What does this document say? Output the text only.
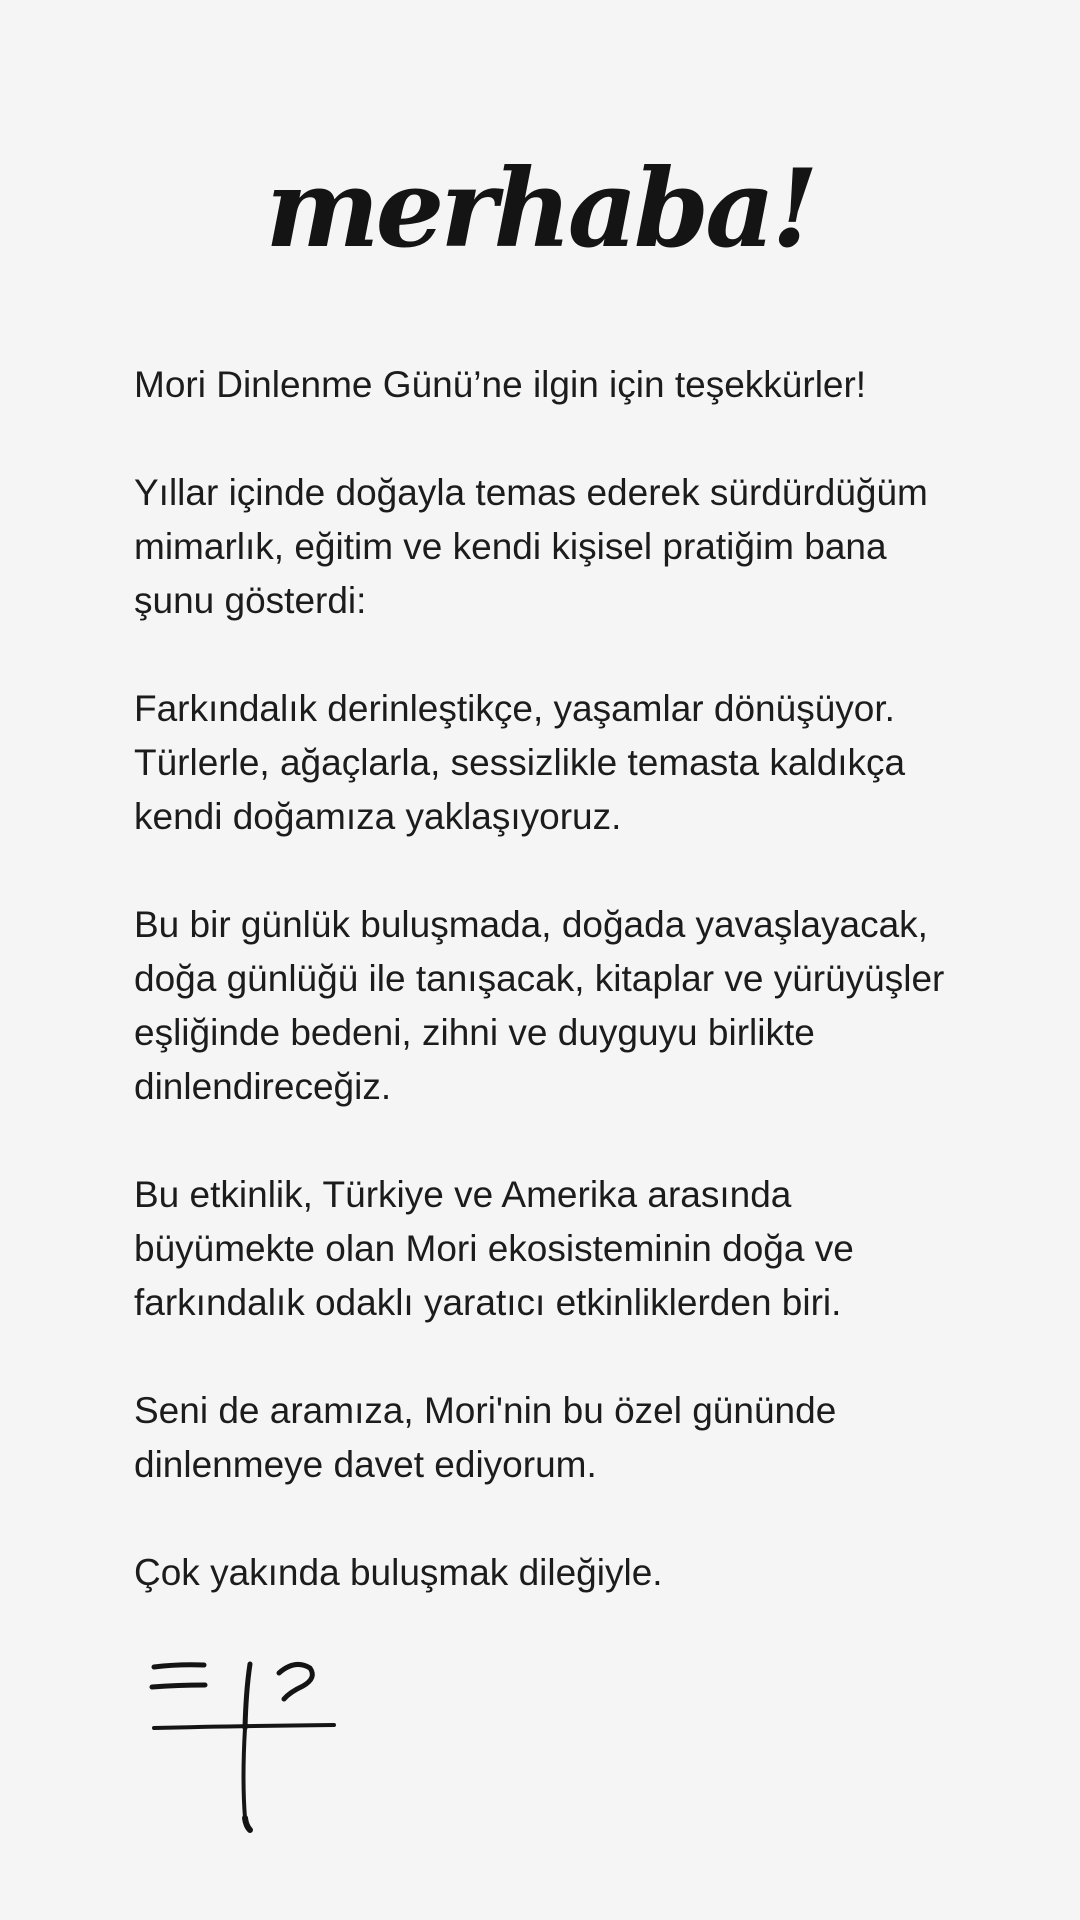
merhaba!

Mori Dinlenme Günü’ne ilgin için teşekkürler!

Yıllar içinde doğayla temas ederek sürdürdüğüm mimarlık, eğitim ve kendi kişisel pratiğim bana şunu gösterdi:

Farkındalık derinleştikçe, yaşamlar dönüşüyor. Türlerle, ağaçlarla, sessizlikle temasta kaldıkça kendi doğamıza yaklaşıyoruz.

Bu bir günlük buluşmada, doğada yavaşlayacak, doğa günlüğü ile tanışacak, kitaplar ve yürüyüşler eşliğinde bedeni, zihni ve duyguyu birlikte dinlendireceğiz.

Bu etkinlik, Türkiye ve Amerika arasında büyümekte olan Mori ekosisteminin doğa ve farkındalık odaklı yaratıcı etkinliklerden biri.

Seni de aramıza, Mori'nin bu özel gününde dinlenmeye davet ediyorum.

Çok yakında buluşmak dileğiyle.
